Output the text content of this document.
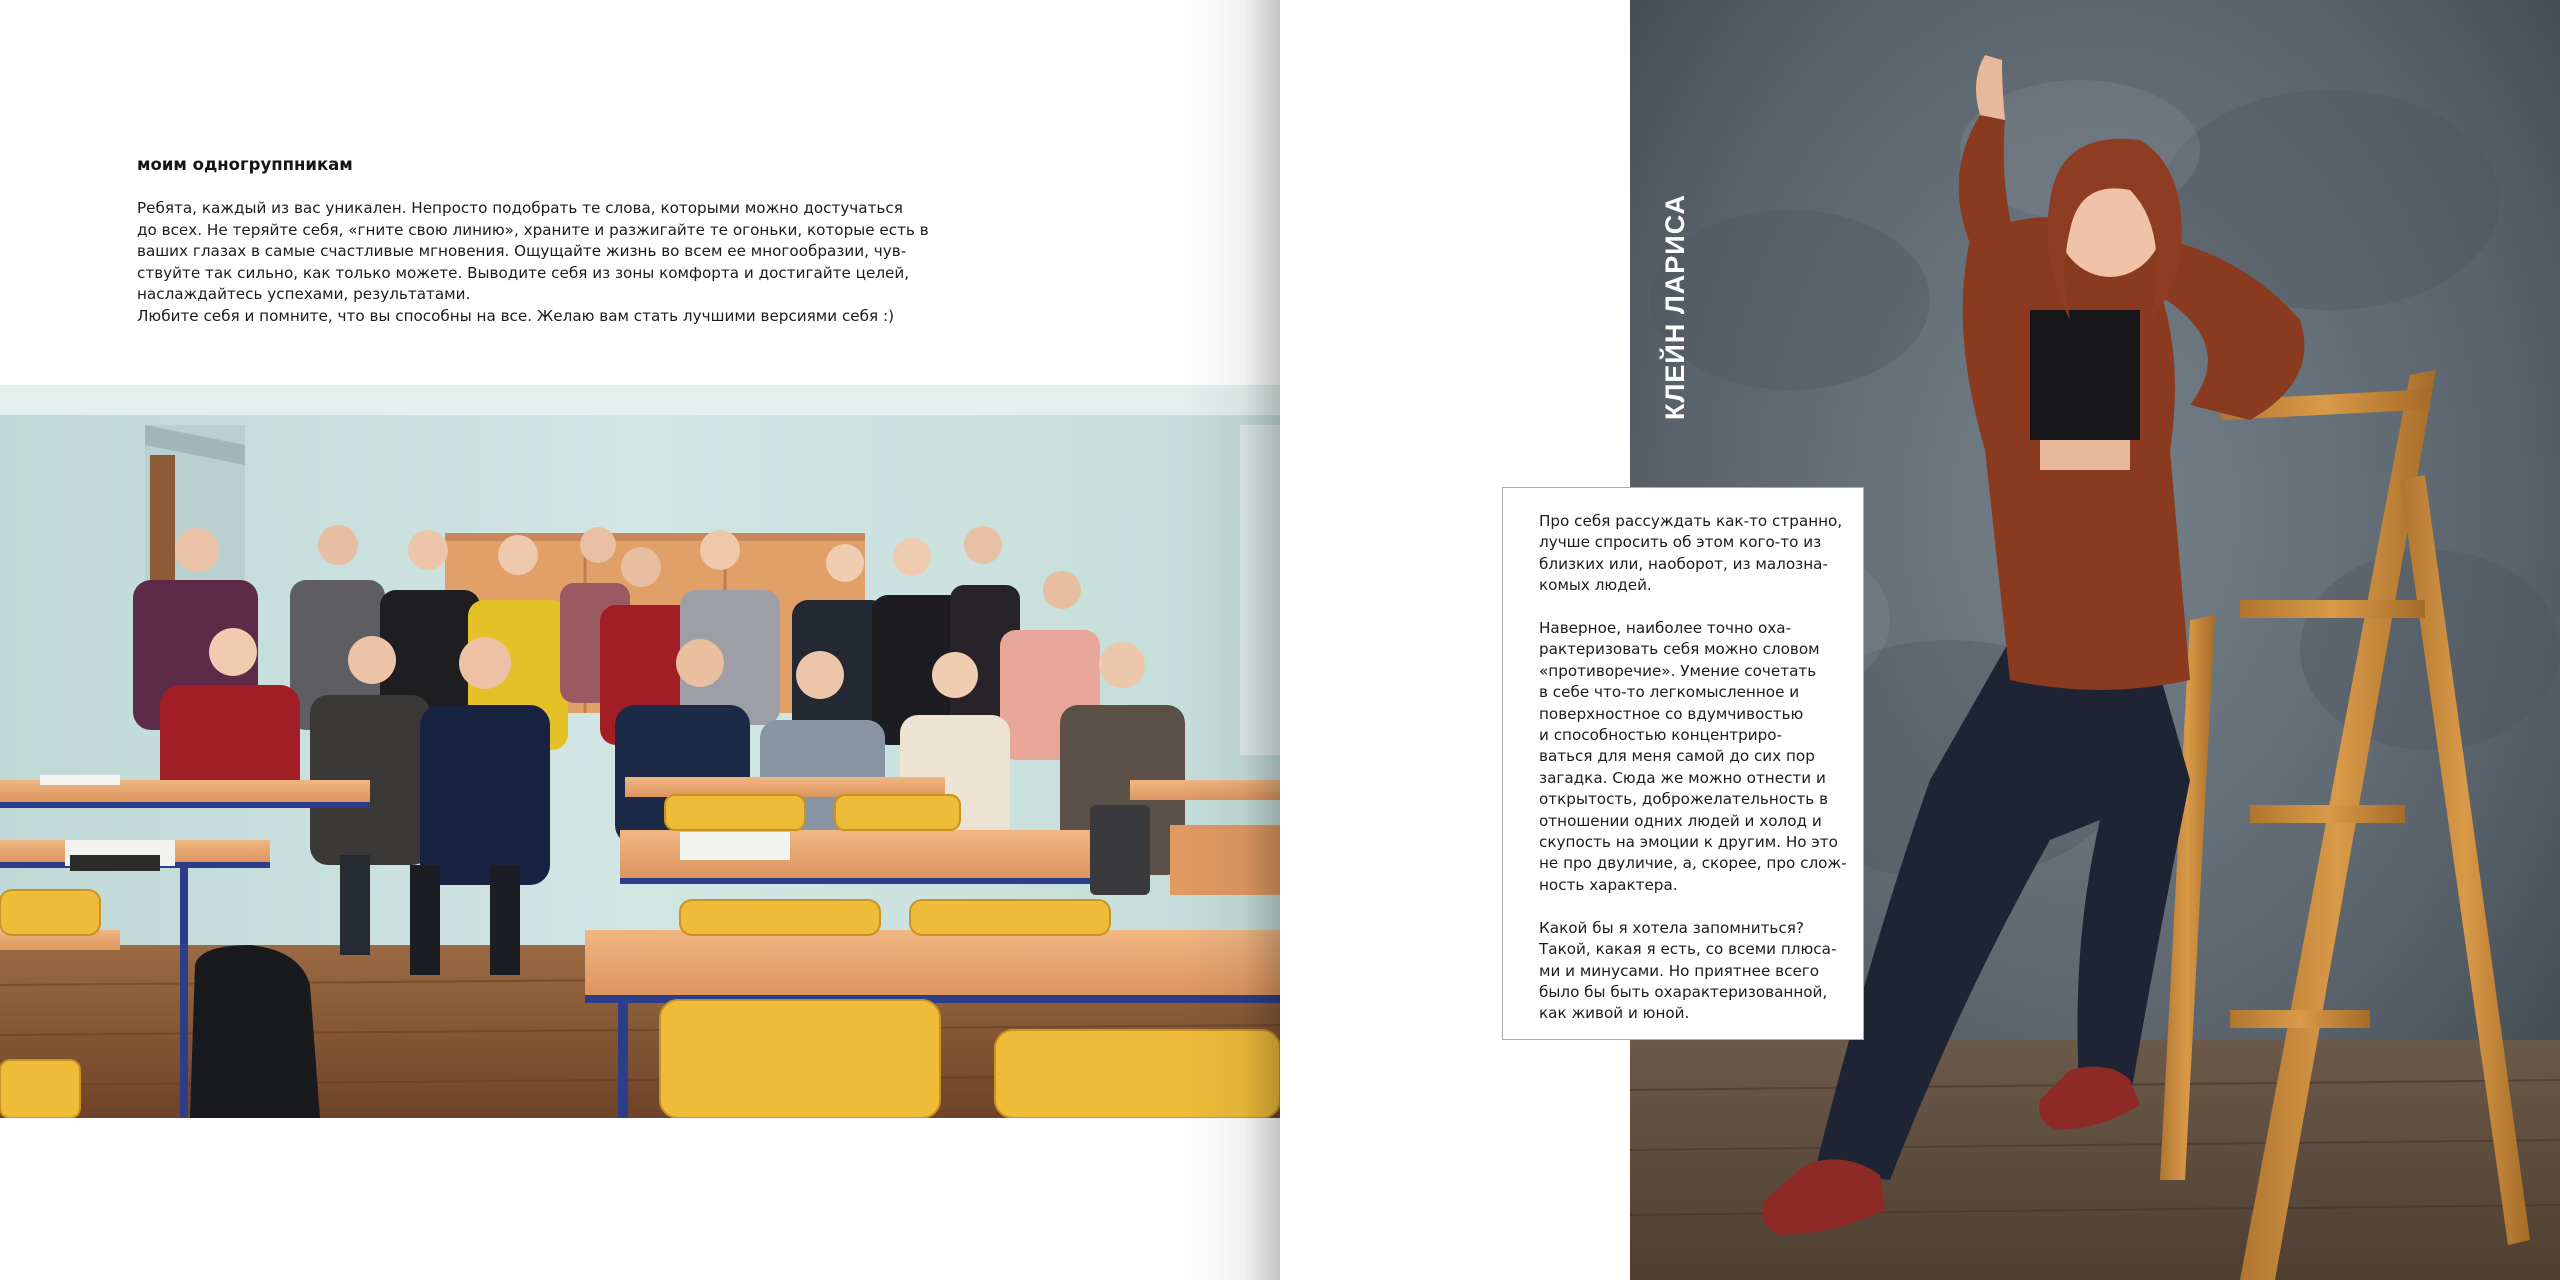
моим одногруппникам
Ребята, каждый из вас уникален. Непросто подобрать те слова, которыми можно достучаться
до всех. Не теряйте себя, «гните свою линию», храните и разжигайте те огоньки, которые есть в
ваших глазах в самые счастливые мгновения. Ощущайте жизнь во всем ее многообразии, чув-
ствуйте так сильно, как только можете. Выводите себя из зоны комфорта и достигайте целей,
наслаждайтесь успехами, результатами.
Любите себя и помните, что вы способны на все. Желаю вам стать лучшими версиями себя :)	КЛЕЙН ЛАРИСА
Про себя рассуждать как-то странно,
лучше спросить об этом кого-то из
близких или, наоборот, из малозна-
комых людей.
Наверное, наиболее точно оха-
рактеризовать себя можно словом
«противоречие». Умение сочетать
в себе что-то легкомысленное и
поверхностное со вдумчивостью
и способностью концентриро-
ваться для меня самой до сих пор
загадка. Сюда же можно отнести и
открытость, доброжелательность в
отношении одних людей и холод и
скупость на эмоции к другим. Но это
не про двуличие, а, скорее, про слож-
ность характера.
Какой бы я хотела запомниться?
Такой, какая я есть, со всеми плюса-
ми и минусами. Но приятнее всего
было бы быть охарактеризованной,
как живой и юной.
